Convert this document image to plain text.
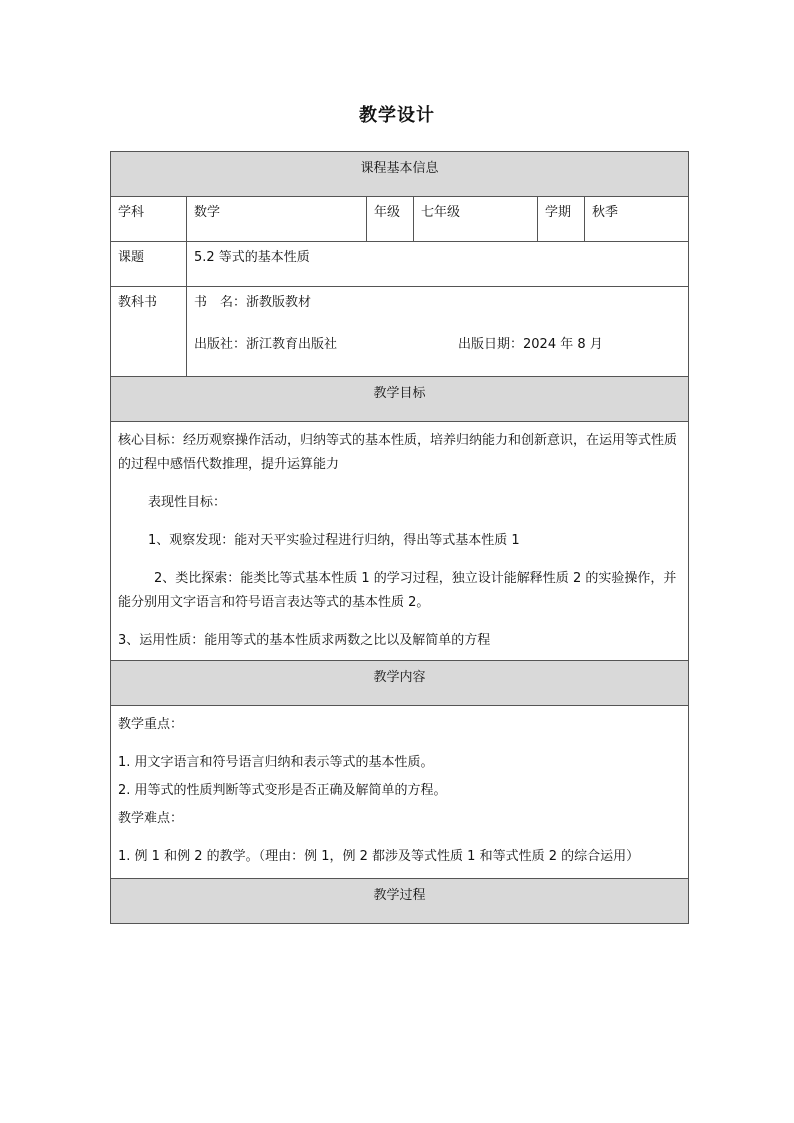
教学设计
课程基本信息					
学科	数学	年级	七年级	学期	秋季
课题	5.2 等式的基本性质				
教科书	书　名：浙教版教材
出版社：浙江教育出版社 出版日期：2024 年 8 月				

教学目标					

核心目标：经历观察操作活动，归纳等式的基本性质，培养归纳能力和创新意识，在运用等式性质的过程中感悟代数推理，提升运算能力

表现性目标：

1、观察发现：能对天平实验过程进行归纳，得出等式基本性质 1

2、类比探索：能类比等式基本性质 1 的学习过程，独立设计能解释性质 2 的实验操作，并能分别用文字语言和符号语言表达等式的基本性质 2。

3、运用性质：能用等式的基本性质求两数之比以及解简单的方程					

教学内容					

教学重点：

1. 用文字语言和符号语言归纳和表示等式的基本性质。

2. 用等式的性质判断等式变形是否正确及解简单的方程。

教学难点：

1. 例 1 和例 2 的教学。（理由：例 1，例 2 都涉及等式性质 1 和等式性质 2 的综合运用）					

教学过程					
